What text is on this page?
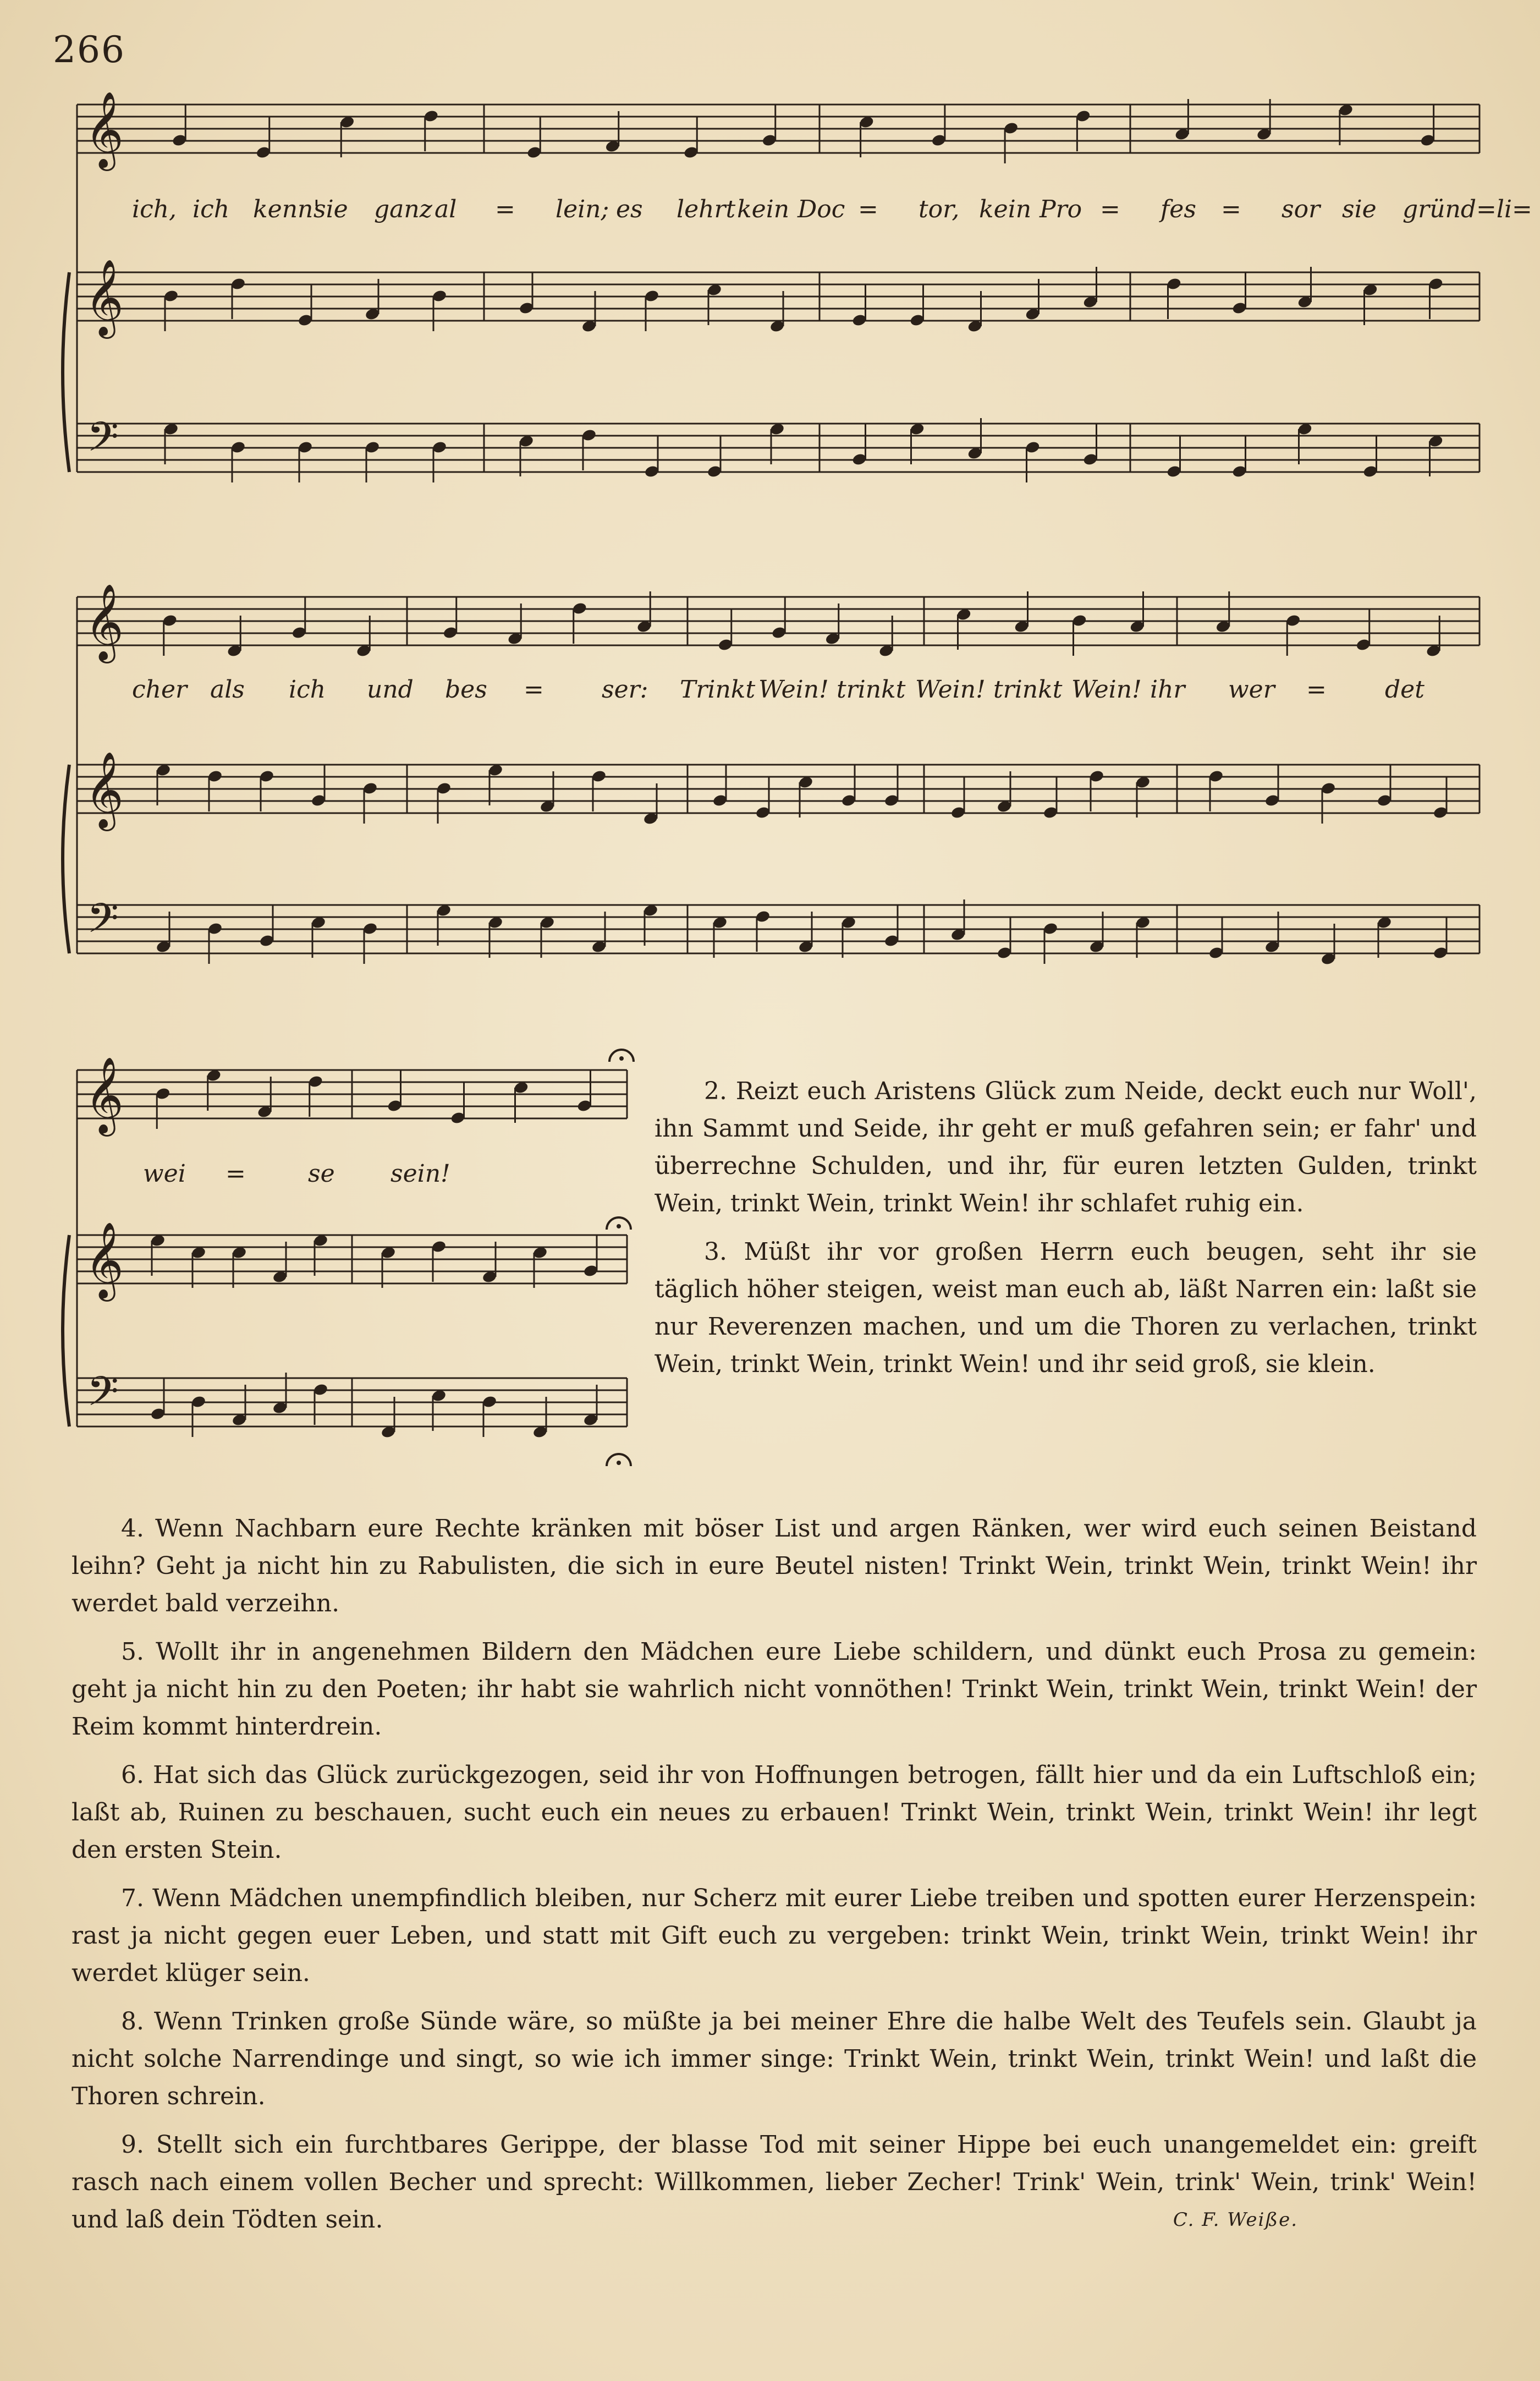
266
𝄞
𝄞
𝄢
𝄞
𝄞
𝄢
𝄞
𝄞
𝄢
ich, ich kenn'
sie ganz al = lein; es lehrt kein Doc = tor, kein Pro = fes = sor sie gründ=li=
cher als ich und bes = ser: Trinkt Wein! trinkt Wein! trinkt Wein! ihr wer = det
wei =	se sein!

2. Reizt euch Aristens Glück zum Neide, deckt euch nur Woll', ihn Sammt und Seide, ihr geht er muß gefahren sein; er fahr' und überrechne Schulden, und ihr, für euren letzten Gulden, trinkt Wein, trinkt Wein, trinkt Wein! ihr schlafet ruhig ein.

3. Müßt ihr vor großen Herrn euch beugen, seht ihr sie täglich höher steigen, weist man euch ab, läßt Narren ein: laßt sie nur Reverenzen machen, und um die Thoren zu verlachen, trinkt Wein, trinkt Wein, trinkt Wein! und ihr seid groß, sie klein.

4. Wenn Nachbarn eure Rechte kränken mit böser List und argen Ränken, wer wird euch seinen Beistand leihn? Geht ja nicht hin zu Rabulisten, die sich in eure Beutel nisten! Trinkt Wein, trinkt Wein, trinkt Wein! ihr werdet bald verzeihn.

5. Wollt ihr in angenehmen Bildern den Mädchen eure Liebe schildern, und dünkt euch Prosa zu gemein: geht ja nicht hin zu den Poeten; ihr habt sie wahrlich nicht vonnöthen! Trinkt Wein, trinkt Wein, trinkt Wein! der Reim kommt hinterdrein.

6. Hat sich das Glück zurückgezogen, seid ihr von Hoffnungen betrogen, fällt hier und da ein Luftschloß ein; laßt ab, Ruinen zu beschauen, sucht euch ein neues zu erbauen! Trinkt Wein, trinkt Wein, trinkt Wein! ihr legt den ersten Stein.

7. Wenn Mädchen unempfindlich bleiben, nur Scherz mit eurer Liebe treiben und spotten eurer Herzenspein: rast ja nicht gegen euer Leben, und statt mit Gift euch zu vergeben: trinkt Wein, trinkt Wein, trinkt Wein! ihr werdet klüger sein.

8. Wenn Trinken große Sünde wäre, so müßte ja bei meiner Ehre die halbe Welt des Teufels sein. Glaubt ja nicht solche Narrendinge und singt, so wie ich immer singe: Trinkt Wein, trinkt Wein, trinkt Wein! und laßt die Thoren schrein.

9. Stellt sich ein furchtbares Gerippe, der blasse Tod mit seiner Hippe bei euch unangemeldet ein: greift rasch nach einem vollen Becher und sprecht: Willkommen, lieber Zecher! Trink' Wein, trink' Wein, trink' Wein! und laß dein Tödten sein.	C. F. Weiße.
